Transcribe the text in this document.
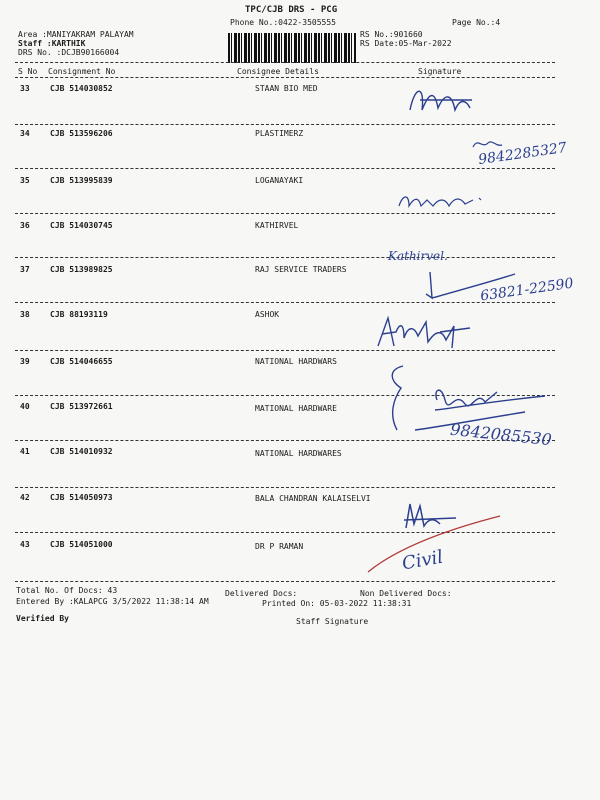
TPC/CJB DRS - PCG
Phone No.:0422-3505555	Page No.:4
Area :MANIYAKRAM PALAYAM
Staff :KARTHIK
DRS No. :DCJB90166004
RS No.:901660
RS Date:05-Mar-2022
S No Consignment No	Consignee Details	Signature
33	CJB 514030852	STAAN BIO MED
34	CJB 513596206	PLASTIMERZ
35	CJB 513995839	LOGANAYAKI
36	CJB 514030745	KATHIRVEL
37	CJB 513989825	RAJ SERVICE TRADERS
38	CJB 88193119	ASHOK
39	CJB 514046655	NATIONAL HARDWARS
40	CJB 513972661	MATIONAL HARDWARE
41	CJB 514010932	NATIONAL HARDWARES
42	CJB 514050973	BALA CHANDRAN KALAISELVI
43	CJB 514051000	DR P RAMAN
Total No. Of Docs: 43	Delivered Docs:	Non Delivered Docs:
Entered By :KALAPCG 3/5/2022 11:38:14 AM	Printed On: 05-03-2022 11:38:31
Verified By	Staff Signature
9842285327
Kathirvel.
63821-22590
9842085530
Civil
